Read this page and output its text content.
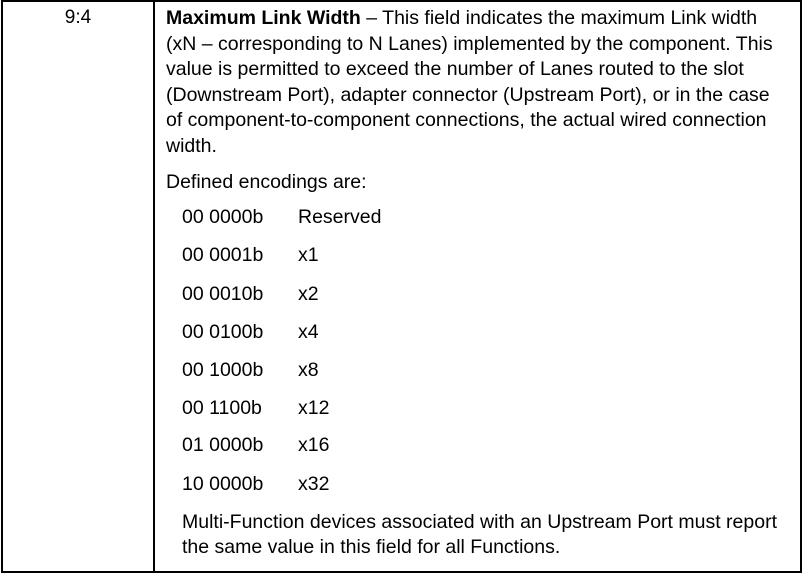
9:4	Maximum Link Width – This field indicates the maximum Link width (xN – corresponding to N Lanes) implemented by the component. This value is permitted to exceed the number of Lanes routed to the slot (Downstream Port), adapter connector (Upstream Port), or in the case of component-to-component connections, the actual wired connection width.

Defined encodings are:
00 0000b Reserved
00 0001b x1
00 0010b x2
00 0100b x4
00 1000b x8
00 1100b x12
01 0000b x16
10 0000b x32
Multi-Function devices associated with an Upstream Port must report the same value in this field for all Functions.
